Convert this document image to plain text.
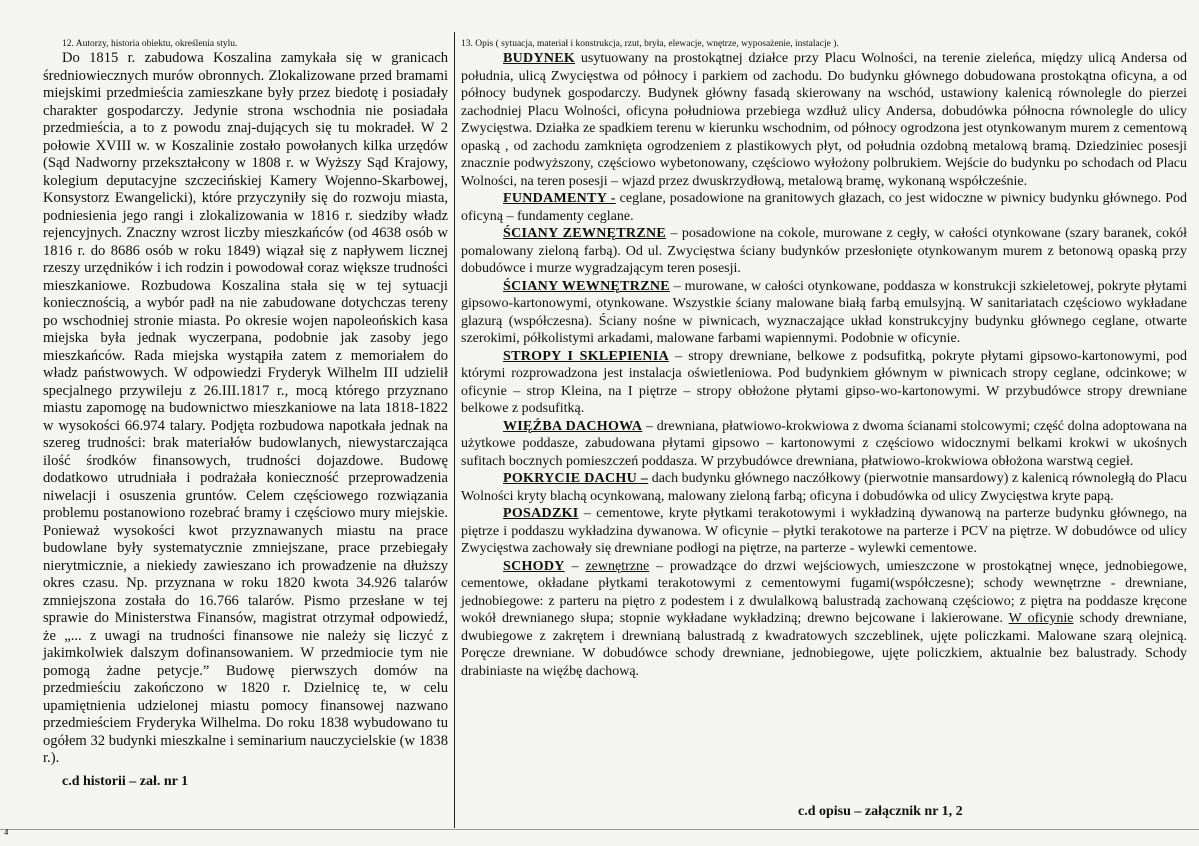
⁴
12. Autorzy, historia obiektu, określenia stylu.

Do 1815 r. zabudowa Koszalina zamykała się w granicach średniowiecznych murów obronnych. Zlokalizowane przed bramami miejskimi przedmieścia zamieszkane były przez biedotę i posiadały charakter gospodarczy. Jedynie strona wschodnia nie posiadała przedmieścia, a to z powodu znaj-dujących się tu mokradeł. W 2 połowie XVIII w. w Koszalinie zostało powołanych kilka urzędów (Sąd Nadworny przekształcony w 1808 r. w Wyższy Sąd Krajowy, kolegium deputacyjne szczecińskiej Kamery Wojenno-Skarbowej, Konsystorz Ewangelicki), które przyczyniły się do rozwoju miasta, podniesienia jego rangi i zlokalizowania w 1816 r. siedziby władz rejencyjnych. Znaczny wzrost liczby mieszkańców (od 4638 osób w 1816 r. do 8686 osób w roku 1849) wiązał się z napływem licznej rzeszy urzędników i ich rodzin i powodował coraz większe trudności mieszkaniowe. Rozbudowa Koszalina stała się w tej sytuacji koniecznością, a wybór padł na nie zabudowane dotychczas tereny po wschodniej stronie miasta. Po okresie wojen napoleońskich kasa miejska była jednak wyczerpana, podobnie jak zasoby jego mieszkańców. Rada miejska wystąpiła zatem z memoriałem do władz państwowych. W odpowiedzi Fryderyk Wilhelm III udzielił specjalnego przywileju z 26.III.1817 r., mocą którego przyznano miastu zapomogę na budownictwo mieszkaniowe na lata 1818-1822 w wysokości 66.974 talary. Podjęta rozbudowa napotkała jednak na szereg trudności: brak materiałów budowlanych, niewystarczająca ilość środków finansowych, trudności dojazdowe. Budowę dodatkowo utrudniała i podrażała konieczność przeprowadzenia niwelacji i osuszenia gruntów. Celem częściowego rozwiązania problemu postanowiono rozebrać bramy i częściowo mury miejskie. Ponieważ wysokości kwot przyznawanych miastu na prace budowlane były systematycznie zmniejszane, prace przebiegały nierytmicznie, a niekiedy zawieszano ich prowadzenie na dłuższy okres czasu. Np. przyznana w roku 1820 kwota 34.926 talarów zmniejszona została do 16.766 talarów. Pismo przesłane w tej sprawie do Ministerstwa Finansów, magistrat otrzymał odpowiedź, że „... z uwagi na trudności finansowe nie należy się liczyć z jakimkolwiek dalszym dofinansowaniem. W przedmiocie tym nie pomogą żadne petycje.” Budowę pierwszych domów na przedmieściu zakończono w 1820 r. Dzielnicę te, w celu upamiętnienia udzielonej miastu pomocy finansowej nazwano przedmieściem Fryderyka Wilhelma. Do roku 1838 wybudowano tu ogółem 32 budynki mieszkalne i seminarium nauczycielskie (w 1838 r.).

c.d historii – zał. nr 1

13. Opis ( sytuacja, materiał i konstrukcja, rzut, bryła, elewacje, wnętrze, wyposażenie, instalacje ).

BUDYNEK usytuowany na prostokątnej działce przy Placu Wolności, na terenie zieleńca, między ulicą Andersa od południa, ulicą Zwycięstwa od północy i parkiem od zachodu. Do budynku głównego dobudowana prostokątna oficyna, a od północy budynek gospodarczy. Budynek główny fasadą skierowany na wschód, ustawiony kalenicą równolegle do pierzei zachodniej Placu Wolności, oficyna południowa przebiega wzdłuż ulicy Andersa, dobudówka północna równolegle do ulicy Zwycięstwa. Działka ze spadkiem terenu w kierunku wschodnim, od północy ogrodzona jest otynkowanym murem z cementową opaską , od zachodu zamknięta ogrodzeniem z plastikowych płyt, od południa ozdobną metalową bramą. Dziedziniec posesji znacznie podwyższony, częściowo wybetonowany, częściowo wyłożony polbrukiem. Wejście do budynku po schodach od Placu Wolności, na teren posesji – wjazd przez dwuskrzydłową, metalową bramę, wykonaną współcześnie.

FUNDAMENTY - ceglane, posadowione na granitowych głazach, co jest widoczne w piwnicy budynku głównego. Pod oficyną – fundamenty ceglane.

ŚCIANY ZEWNĘTRZNE – posadowione na cokole, murowane z cegły, w całości otynkowane (szary baranek, cokół pomalowany zieloną farbą). Od ul. Zwycięstwa ściany budynków przesłonięte otynkowanym murem z betonową opaską przy dobudówce i murze wygradzającym teren posesji.

ŚCIANY WEWNĘTRZNE – murowane, w całości otynkowane, poddasza w konstrukcji szkieletowej, pokryte płytami gipsowo-kartonowymi, otynkowane. Wszystkie ściany malowane białą farbą emulsyjną. W sanitariatach częściowo wykładane glazurą (współczesna). Ściany nośne w piwnicach, wyznaczające układ konstrukcyjny budynku głównego ceglane, otwarte szerokimi, półkolistymi arkadami, malowane farbami wapiennymi. Podobnie w oficynie.

STROPY I SKLEPIENIA – stropy drewniane, belkowe z podsufitką, pokryte płytami gipsowo-kartonowymi, pod którymi rozprowadzona jest instalacja oświetleniowa. Pod budynkiem głównym w piwnicach stropy ceglane, odcinkowe; w oficynie – strop Kleina, na I piętrze – stropy obłożone płytami gipso-wo-kartonowymi. W przybudówce stropy drewniane belkowe z podsufitką.

WIĘŹBA DACHOWA – drewniana, płatwiowo-krokwiowa z dwoma ścianami stolcowymi; część dolna adoptowana na użytkowe poddasze, zabudowana płytami gipsowo – kartonowymi z częściowo widocznymi belkami krokwi w ukośnych sufitach bocznych pomieszczeń poddasza. W przybudówce drewniana, płatwiowo-krokwiowa obłożona warstwą cegieł.

POKRYCIE DACHU – dach budynku głównego naczółkowy (pierwotnie mansardowy) z kalenicą równoległą do Placu Wolności kryty blachą ocynkowaną, malowany zieloną farbą; oficyna i dobudówka od ulicy Zwycięstwa kryte papą.

POSADZKI – cementowe, kryte płytkami terakotowymi i wykładziną dywanową na parterze budynku głównego, na piętrze i poddaszu wykładzina dywanowa. W oficynie – płytki terakotowe na parterze i PCV na piętrze. W dobudówce od ulicy Zwycięstwa zachowały się drewniane podłogi na piętrze, na parterze - wylewki cementowe.

SCHODY – zewnętrzne – prowadzące do drzwi wejściowych, umieszczone w prostokątnej wnęce, jednobiegowe, cementowe, okładane płytkami terakotowymi z cementowymi fugami(współczesne); schody wewnętrzne - drewniane, jednobiegowe: z parteru na piętro z podestem i z dwulalkową balustradą zachowaną częściowo; z piętra na poddasze kręcone wokół drewnianego słupa; stopnie wykładane wykładziną; drewno bejcowane i lakierowane. W oficynie schody drewniane, dwubiegowe z zakrętem i drewnianą balustradą z kwadratowych szczeblinek, ujęte policzkami. Malowane szarą olejnicą. Poręcze drewniane. W dobudówce schody drewniane, jednobiegowe, ujęte policzkiem, aktualnie bez balustrady. Schody drabiniaste na więźbę dachową.

c.d opisu – załącznik nr 1, 2
